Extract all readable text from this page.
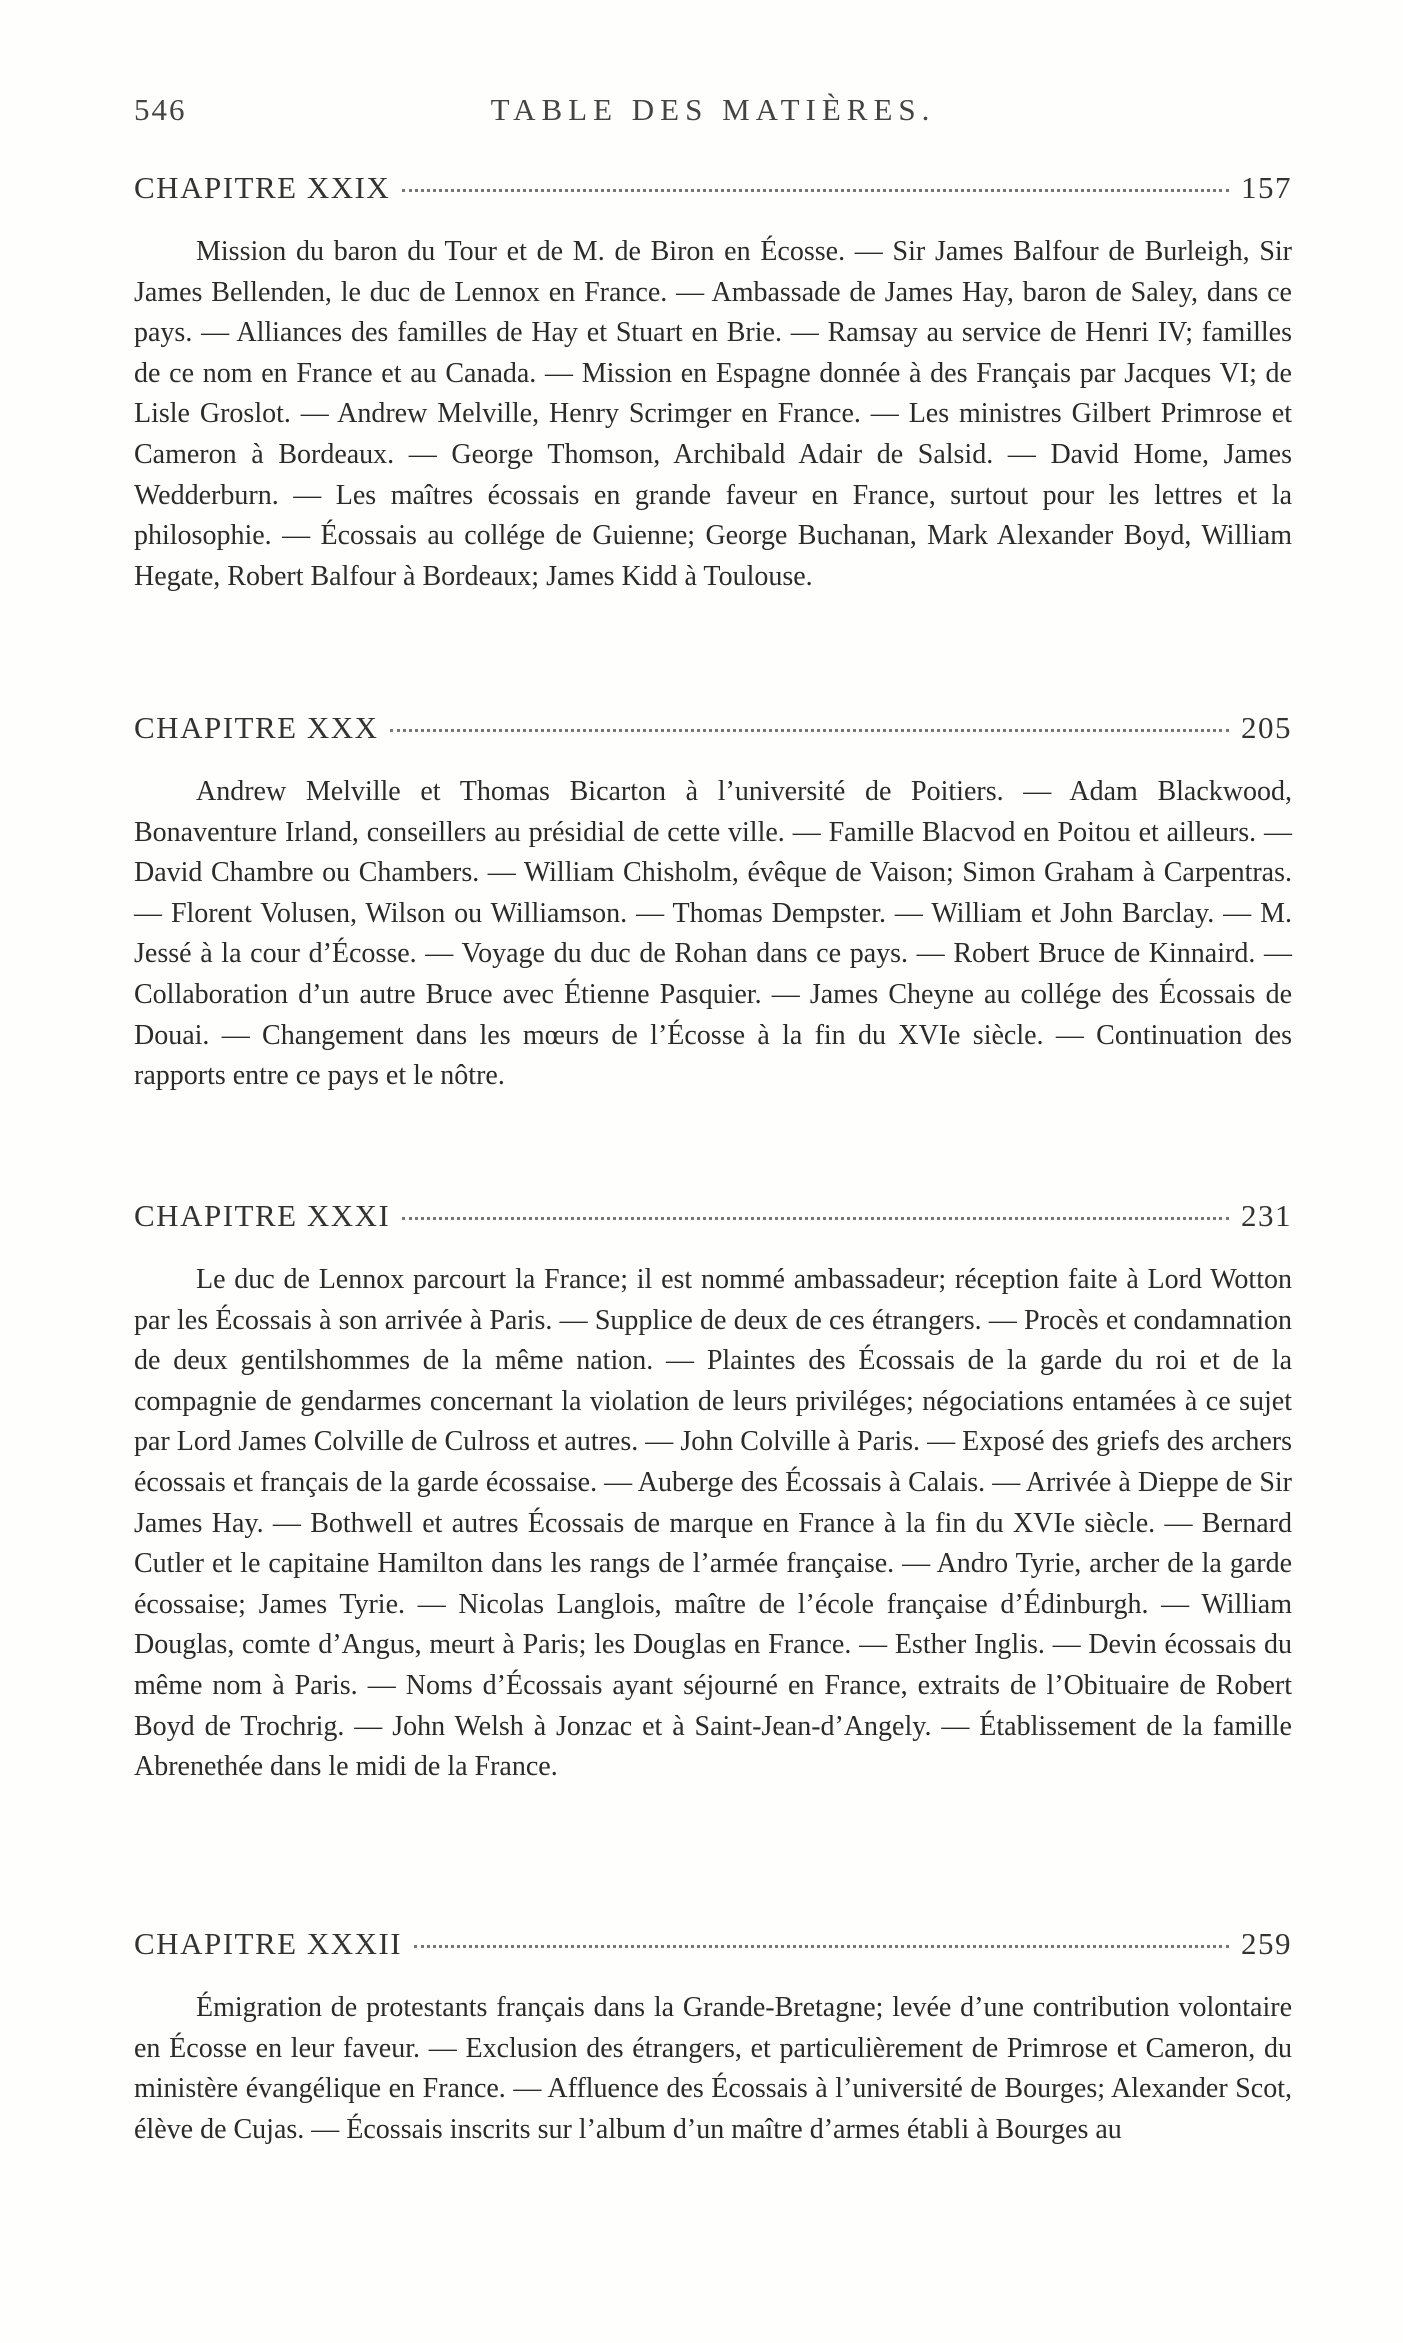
546	TABLE DES MATIÈRES.
CHAPITRE XXIX	157

Mission du baron du Tour et de M. de Biron en Écosse. — Sir James Balfour de Burleigh, Sir James Bellenden, le duc de Lennox en France. — Ambassade de James Hay, baron de Saley, dans ce pays. — Alliances des familles de Hay et Stuart en Brie. — Ramsay au service de Henri IV; familles de ce nom en France et au Canada. — Mission en Espagne donnée à des Français par Jacques VI; de Lisle Groslot. — Andrew Melville, Henry Scrimger en France. — Les ministres Gilbert Primrose et Cameron à Bordeaux. — George Thomson, Archibald Adair de Salsid. — David Home, James Wedderburn. — Les maîtres écossais en grande faveur en France, surtout pour les lettres et la philosophie. — Écossais au collége de Guienne; George Buchanan, Mark Alexander Boyd, William Hegate, Robert Balfour à Bordeaux; James Kidd à Toulouse.

CHAPITRE XXX	205

Andrew Melville et Thomas Bicarton à l’université de Poitiers. — Adam Blackwood, Bonaventure Irland, conseillers au présidial de cette ville. — Famille Blacvod en Poitou et ailleurs. — David Chambre ou Chambers. — William Chisholm, évêque de Vaison; Simon Graham à Carpentras. — Florent Volusen, Wilson ou Williamson. — Thomas Dempster. — William et John Barclay. — M. Jessé à la cour d’Écosse. — Voyage du duc de Rohan dans ce pays. — Robert Bruce de Kinnaird. — Collaboration d’un autre Bruce avec Étienne Pasquier. — James Cheyne au collége des Écossais de Douai. — Changement dans les mœurs de l’Écosse à la fin du XVIe siècle. — Continuation des rapports entre ce pays et le nôtre.

CHAPITRE XXXI	231

Le duc de Lennox parcourt la France; il est nommé ambassadeur; réception faite à Lord Wotton par les Écossais à son arrivée à Paris. — Supplice de deux de ces étrangers. — Procès et condamnation de deux gentilshommes de la même nation. — Plaintes des Écossais de la garde du roi et de la compagnie de gendarmes concernant la violation de leurs priviléges; négociations entamées à ce sujet par Lord James Colville de Culross et autres. — John Colville à Paris. — Exposé des griefs des archers écossais et français de la garde écossaise. — Auberge des Écossais à Calais. — Arrivée à Dieppe de Sir James Hay. — Bothwell et autres Écossais de marque en France à la fin du XVIe siècle. — Bernard Cutler et le capitaine Hamilton dans les rangs de l’armée française. — Andro Tyrie, archer de la garde écossaise; James Tyrie. — Nicolas Langlois, maître de l’école française d’Édinburgh. — William Douglas, comte d’Angus, meurt à Paris; les Douglas en France. — Esther Inglis. — Devin écossais du même nom à Paris. — Noms d’Écossais ayant séjourné en France, extraits de l’Obituaire de Robert Boyd de Trochrig. — John Welsh à Jonzac et à Saint-Jean-d’Angely. — Établissement de la famille Abrenethée dans le midi de la France.

CHAPITRE XXXII	259

Émigration de protestants français dans la Grande-Bretagne; levée d’une contribution volontaire en Écosse en leur faveur. — Exclusion des étrangers, et particulièrement de Primrose et Cameron, du ministère évangélique en France. — Affluence des Écossais à l’université de Bourges; Alexander Scot, élève de Cujas. — Écossais inscrits sur l’album d’un maître d’armes établi à Bourges au
